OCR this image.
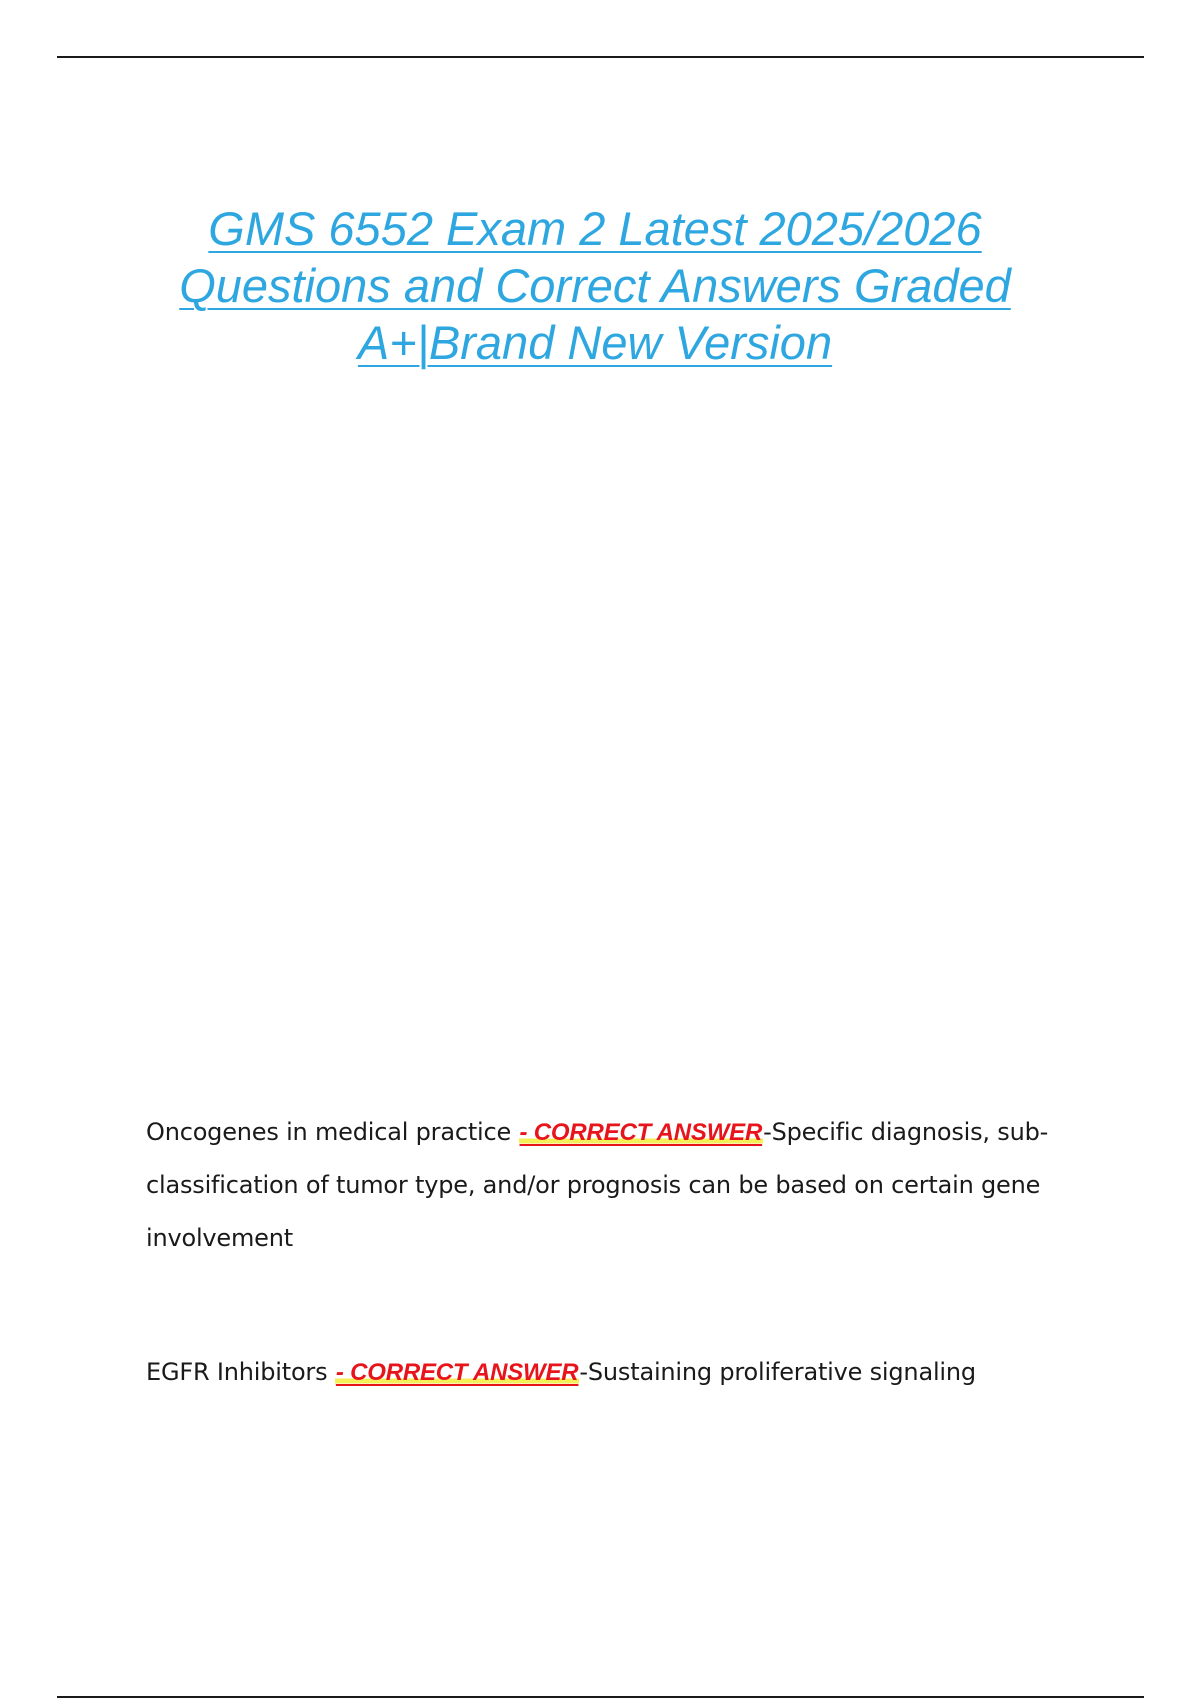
GMS 6552 Exam 2 Latest 2025/2026
Questions and Correct Answers Graded
A+|Brand New Version
Oncogenes in medical practice - CORRECT ANSWER-Specific diagnosis, sub-classification of tumor type, and/or prognosis can be based on certain gene involvement
EGFR Inhibitors - CORRECT ANSWER-Sustaining proliferative signaling
